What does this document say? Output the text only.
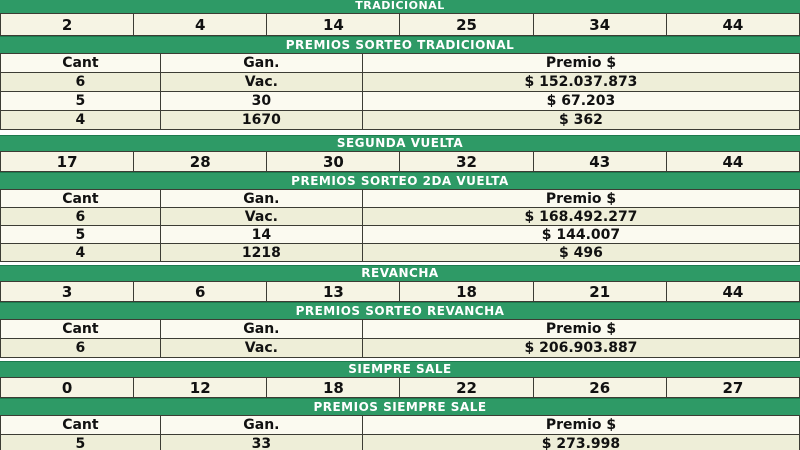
TRADICIONAL
2	4	14	25	34	44
PREMIOS SORTEO TRADICIONAL
Cant	Gan.	Premio $
6	Vac.	$ 152.037.873
5	30	$ 67.203
4	1670	$ 362
SEGUNDA VUELTA
17	28	30	32	43	44
PREMIOS SORTEO 2DA VUELTA
Cant	Gan.	Premio $
6	Vac.	$ 168.492.277
5	14	$ 144.007
4	1218	$ 496
REVANCHA
3	6	13	18	21	44
PREMIOS SORTEO REVANCHA
Cant	Gan.	Premio $
6	Vac.	$ 206.903.887
SIEMPRE SALE
0	12	18	22	26	27
PREMIOS SIEMPRE SALE
Cant	Gan.	Premio $
5	33	$ 273.998
